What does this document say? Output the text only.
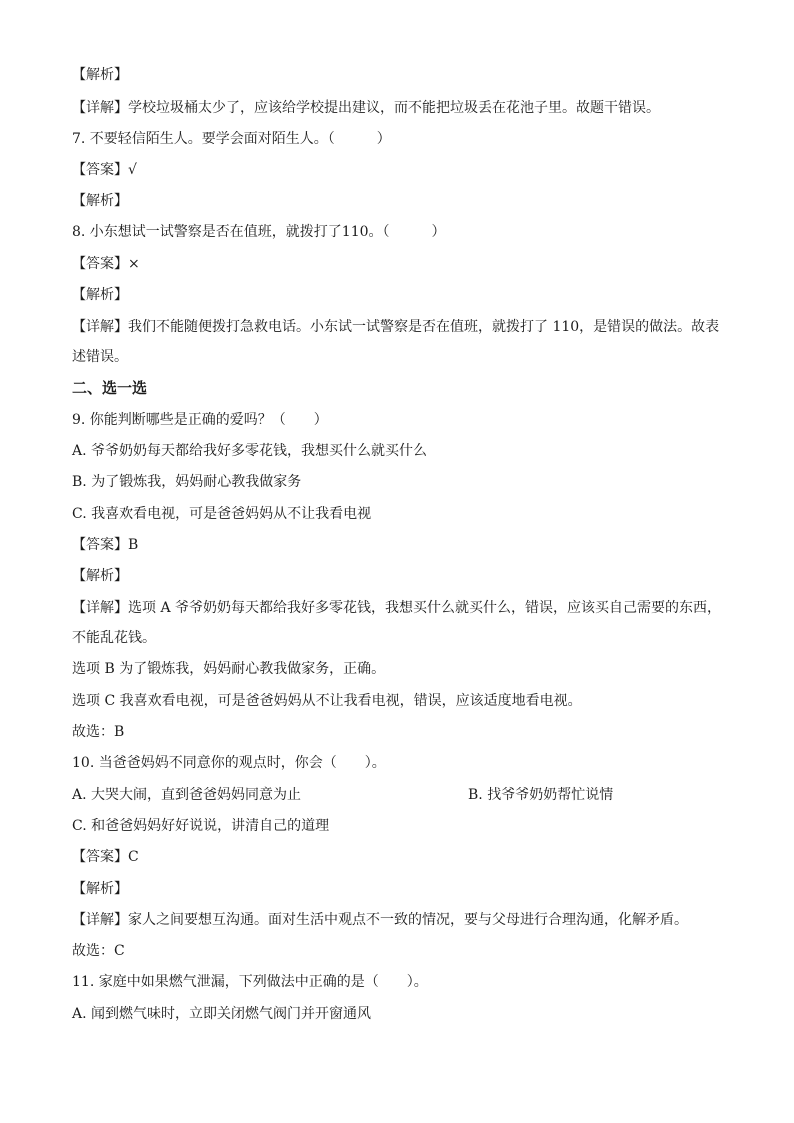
【解析】
【详解】学校垃圾桶太少了，应该给学校提出建议，而不能把垃圾丢在花池子里。故题干错误。
7. 不要轻信陌生人。要学会面对陌生人。（　　　）
【答案】√
【解析】
8. 小东想试一试警察是否在值班，就拨打了110。（　　　）
【答案】×
【解析】
【详解】我们不能随便拨打急救电话。小东试一试警察是否在值班，就拨打了 110，是错误的做法。故表
述错误。
二、选一选
9. 你能判断哪些是正确的爱吗？（　　）
A. 爷爷奶奶每天都给我好多零花钱，我想买什么就买什么
B. 为了锻炼我，妈妈耐心教我做家务
C. 我喜欢看电视，可是爸爸妈妈从不让我看电视
【答案】B
【解析】
【详解】选项 A 爷爷奶奶每天都给我好多零花钱，我想买什么就买什么，错误，应该买自己需要的东西，
不能乱花钱。
选项 B 为了锻炼我，妈妈耐心教我做家务，正确。
选项 C 我喜欢看电视，可是爸爸妈妈从不让我看电视，错误，应该适度地看电视。
故选：B
10. 当爸爸妈妈不同意你的观点时，你会（　　）。
A. 大哭大闹，直到爸爸妈妈同意为止	B. 找爷爷奶奶帮忙说情
C. 和爸爸妈妈好好说说，讲清自己的道理
【答案】C
【解析】
【详解】家人之间要想互沟通。面对生活中观点不一致的情况，要与父母进行合理沟通，化解矛盾。
故选：C
11. 家庭中如果燃气泄漏，下列做法中正确的是（　　）。
A. 闻到燃气味时，立即关闭燃气阀门并开窗通风
